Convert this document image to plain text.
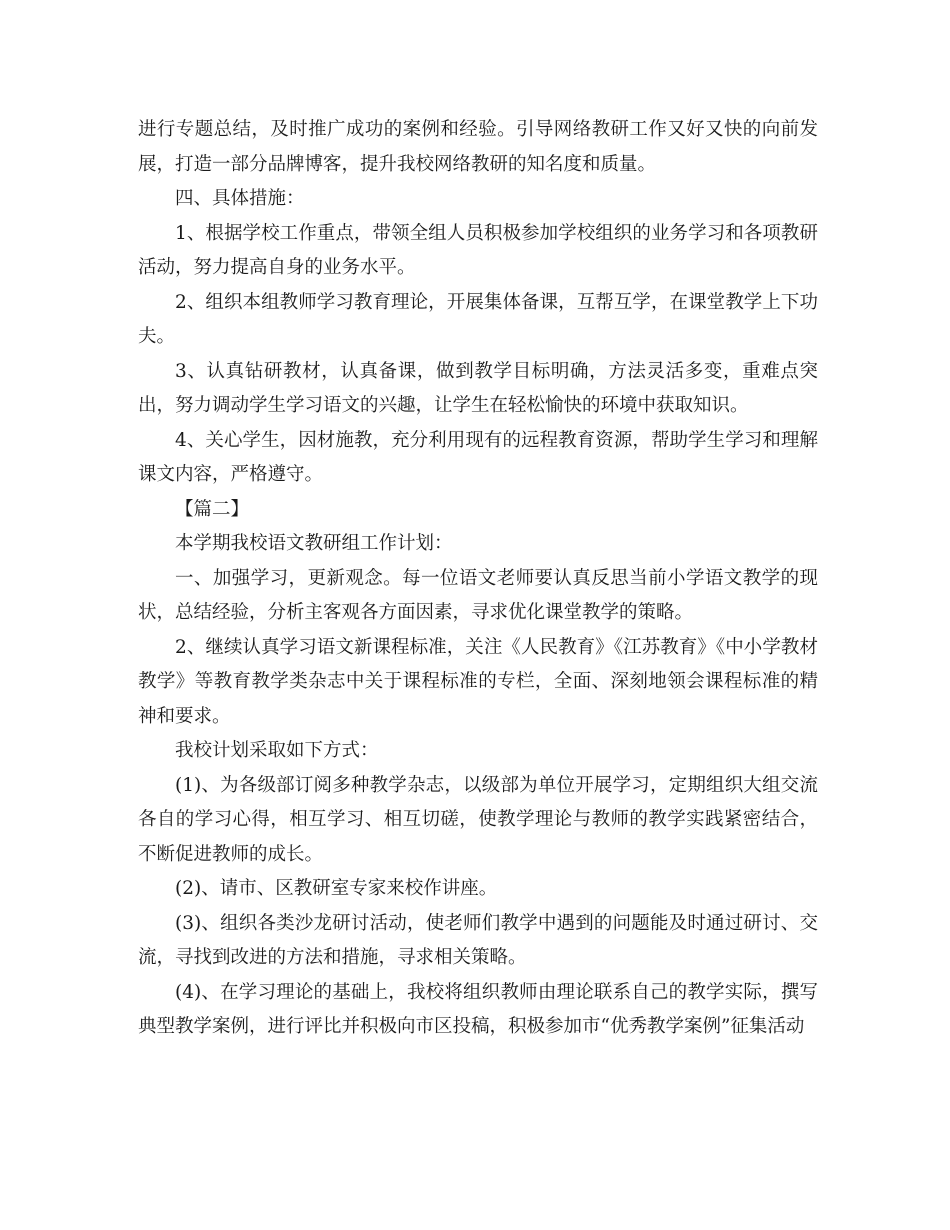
进行专题总结，及时推广成功的案例和经验。引导网络教研工作又好又快的向前发展，打造一部分品牌博客，提升我校网络教研的知名度和质量。

四、具体措施：

1、根据学校工作重点，带领全组人员积极参加学校组织的业务学习和各项教研活动，努力提高自身的业务水平。

2、组织本组教师学习教育理论，开展集体备课，互帮互学，在课堂教学上下功夫。

3、认真钻研教材，认真备课，做到教学目标明确，方法灵活多变，重难点突出，努力调动学生学习语文的兴趣，让学生在轻松愉快的环境中获取知识。

4、关心学生，因材施教，充分利用现有的远程教育资源，帮助学生学习和理解课文内容，严格遵守。

【篇二】

本学期我校语文教研组工作计划：

一、加强学习，更新观念。每一位语文老师要认真反思当前小学语文教学的现状，总结经验，分析主客观各方面因素，寻求优化课堂教学的策略。

2、继续认真学习语文新课程标准，关注《人民教育》《江苏教育》《中小学教材教学》等教育教学类杂志中关于课程标准的专栏，全面、深刻地领会课程标准的精神和要求。

我校计划采取如下方式：

(1)、为各级部订阅多种教学杂志，以级部为单位开展学习，定期组织大组交流各自的学习心得，相互学习、相互切磋，使教学理论与教师的教学实践紧密结合，不断促进教师的成长。

(2)、请市、区教研室专家来校作讲座。

(3)、组织各类沙龙研讨活动，使老师们教学中遇到的问题能及时通过研讨、交流，寻找到改进的方法和措施，寻求相关策略。

(4)、在学习理论的基础上，我校将组织教师由理论联系自己的教学实际，撰写典型教学案例，进行评比并积极向市区投稿，积极参加市“优秀教学案例”征集活动
